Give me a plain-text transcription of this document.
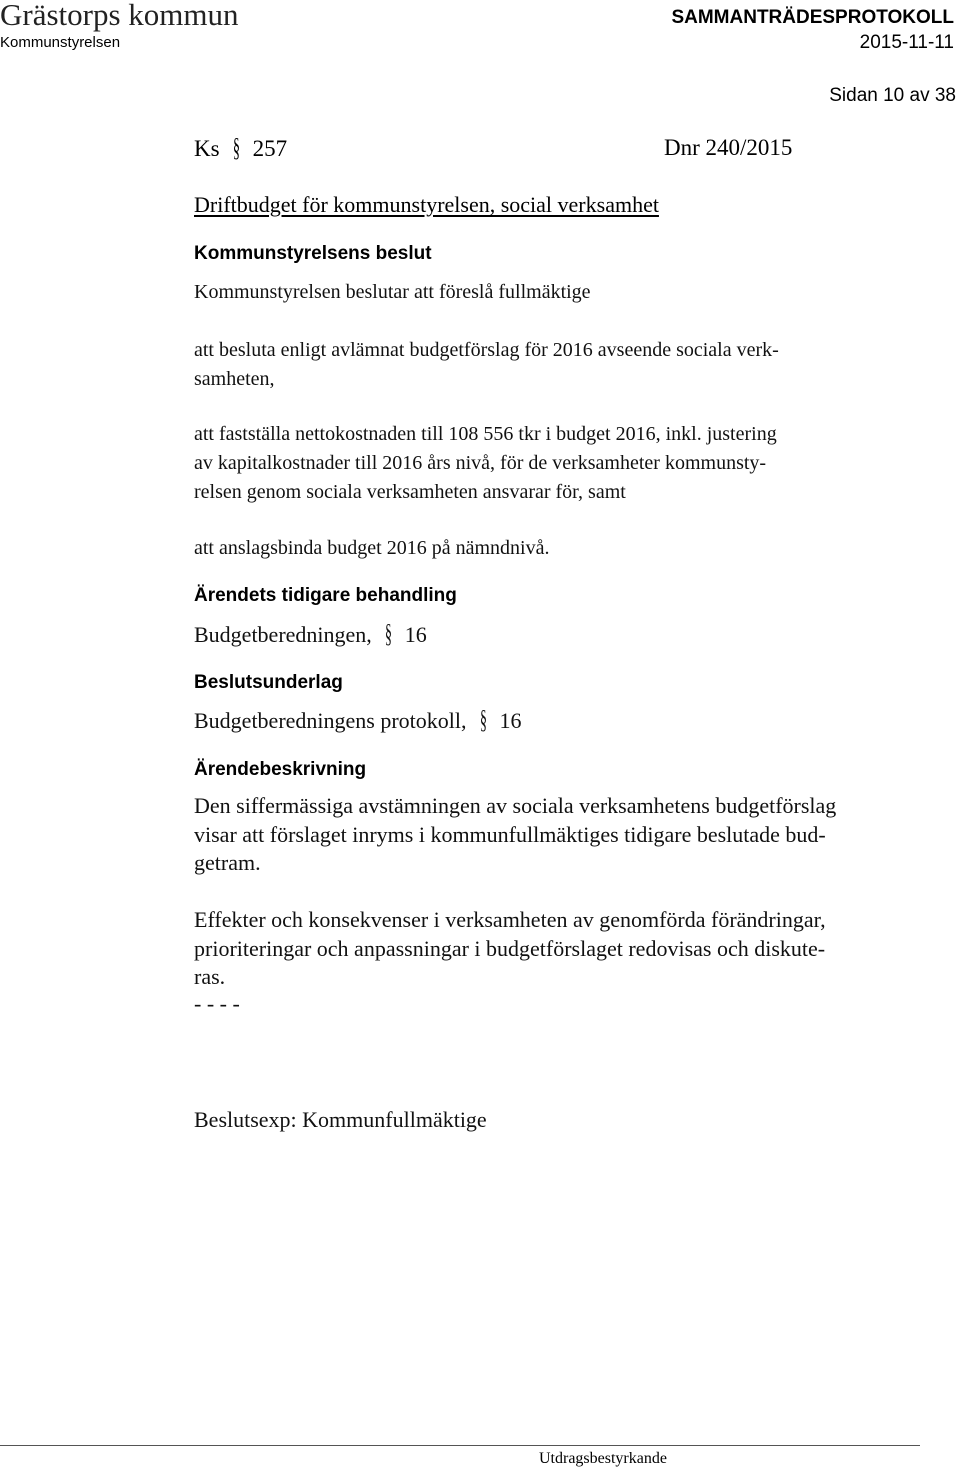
Grästorps kommun	SAMMANTRÄDESPROTOKOLL
Kommunstyrelsen	2015-11-11
Sidan 10 av 38
Ks § 257	Dnr 240/2015
Driftbudget för kommunstyrelsen, social verksamhet
Kommunstyrelsens beslut
Kommunstyrelsen beslutar att föreslå fullmäktige
att besluta enligt avlämnat budgetförslag för 2016 avseende sociala verk-
samheten,
att fastställa nettokostnaden till 108 556 tkr i budget 2016, inkl. justering
av kapitalkostnader till 2016 års nivå, för de verksamheter kommunsty-
relsen genom sociala verksamheten ansvarar för, samt
att anslagsbinda budget 2016 på nämndnivå.
Ärendets tidigare behandling
Budgetberedningen, § 16
Beslutsunderlag
Budgetberedningens protokoll, § 16
Ärendebeskrivning
Den siffermässiga avstämningen av sociala verksamhetens budgetförslag
visar att förslaget inryms i kommunfullmäktiges tidigare beslutade bud-
getram.
Effekter och konsekvenser i verksamheten av genomförda förändringar,
prioriteringar och anpassningar i budgetförslaget redovisas och diskute-
ras.
- - - -
Beslutsexp: Kommunfullmäktige
Utdragsbestyrkande
